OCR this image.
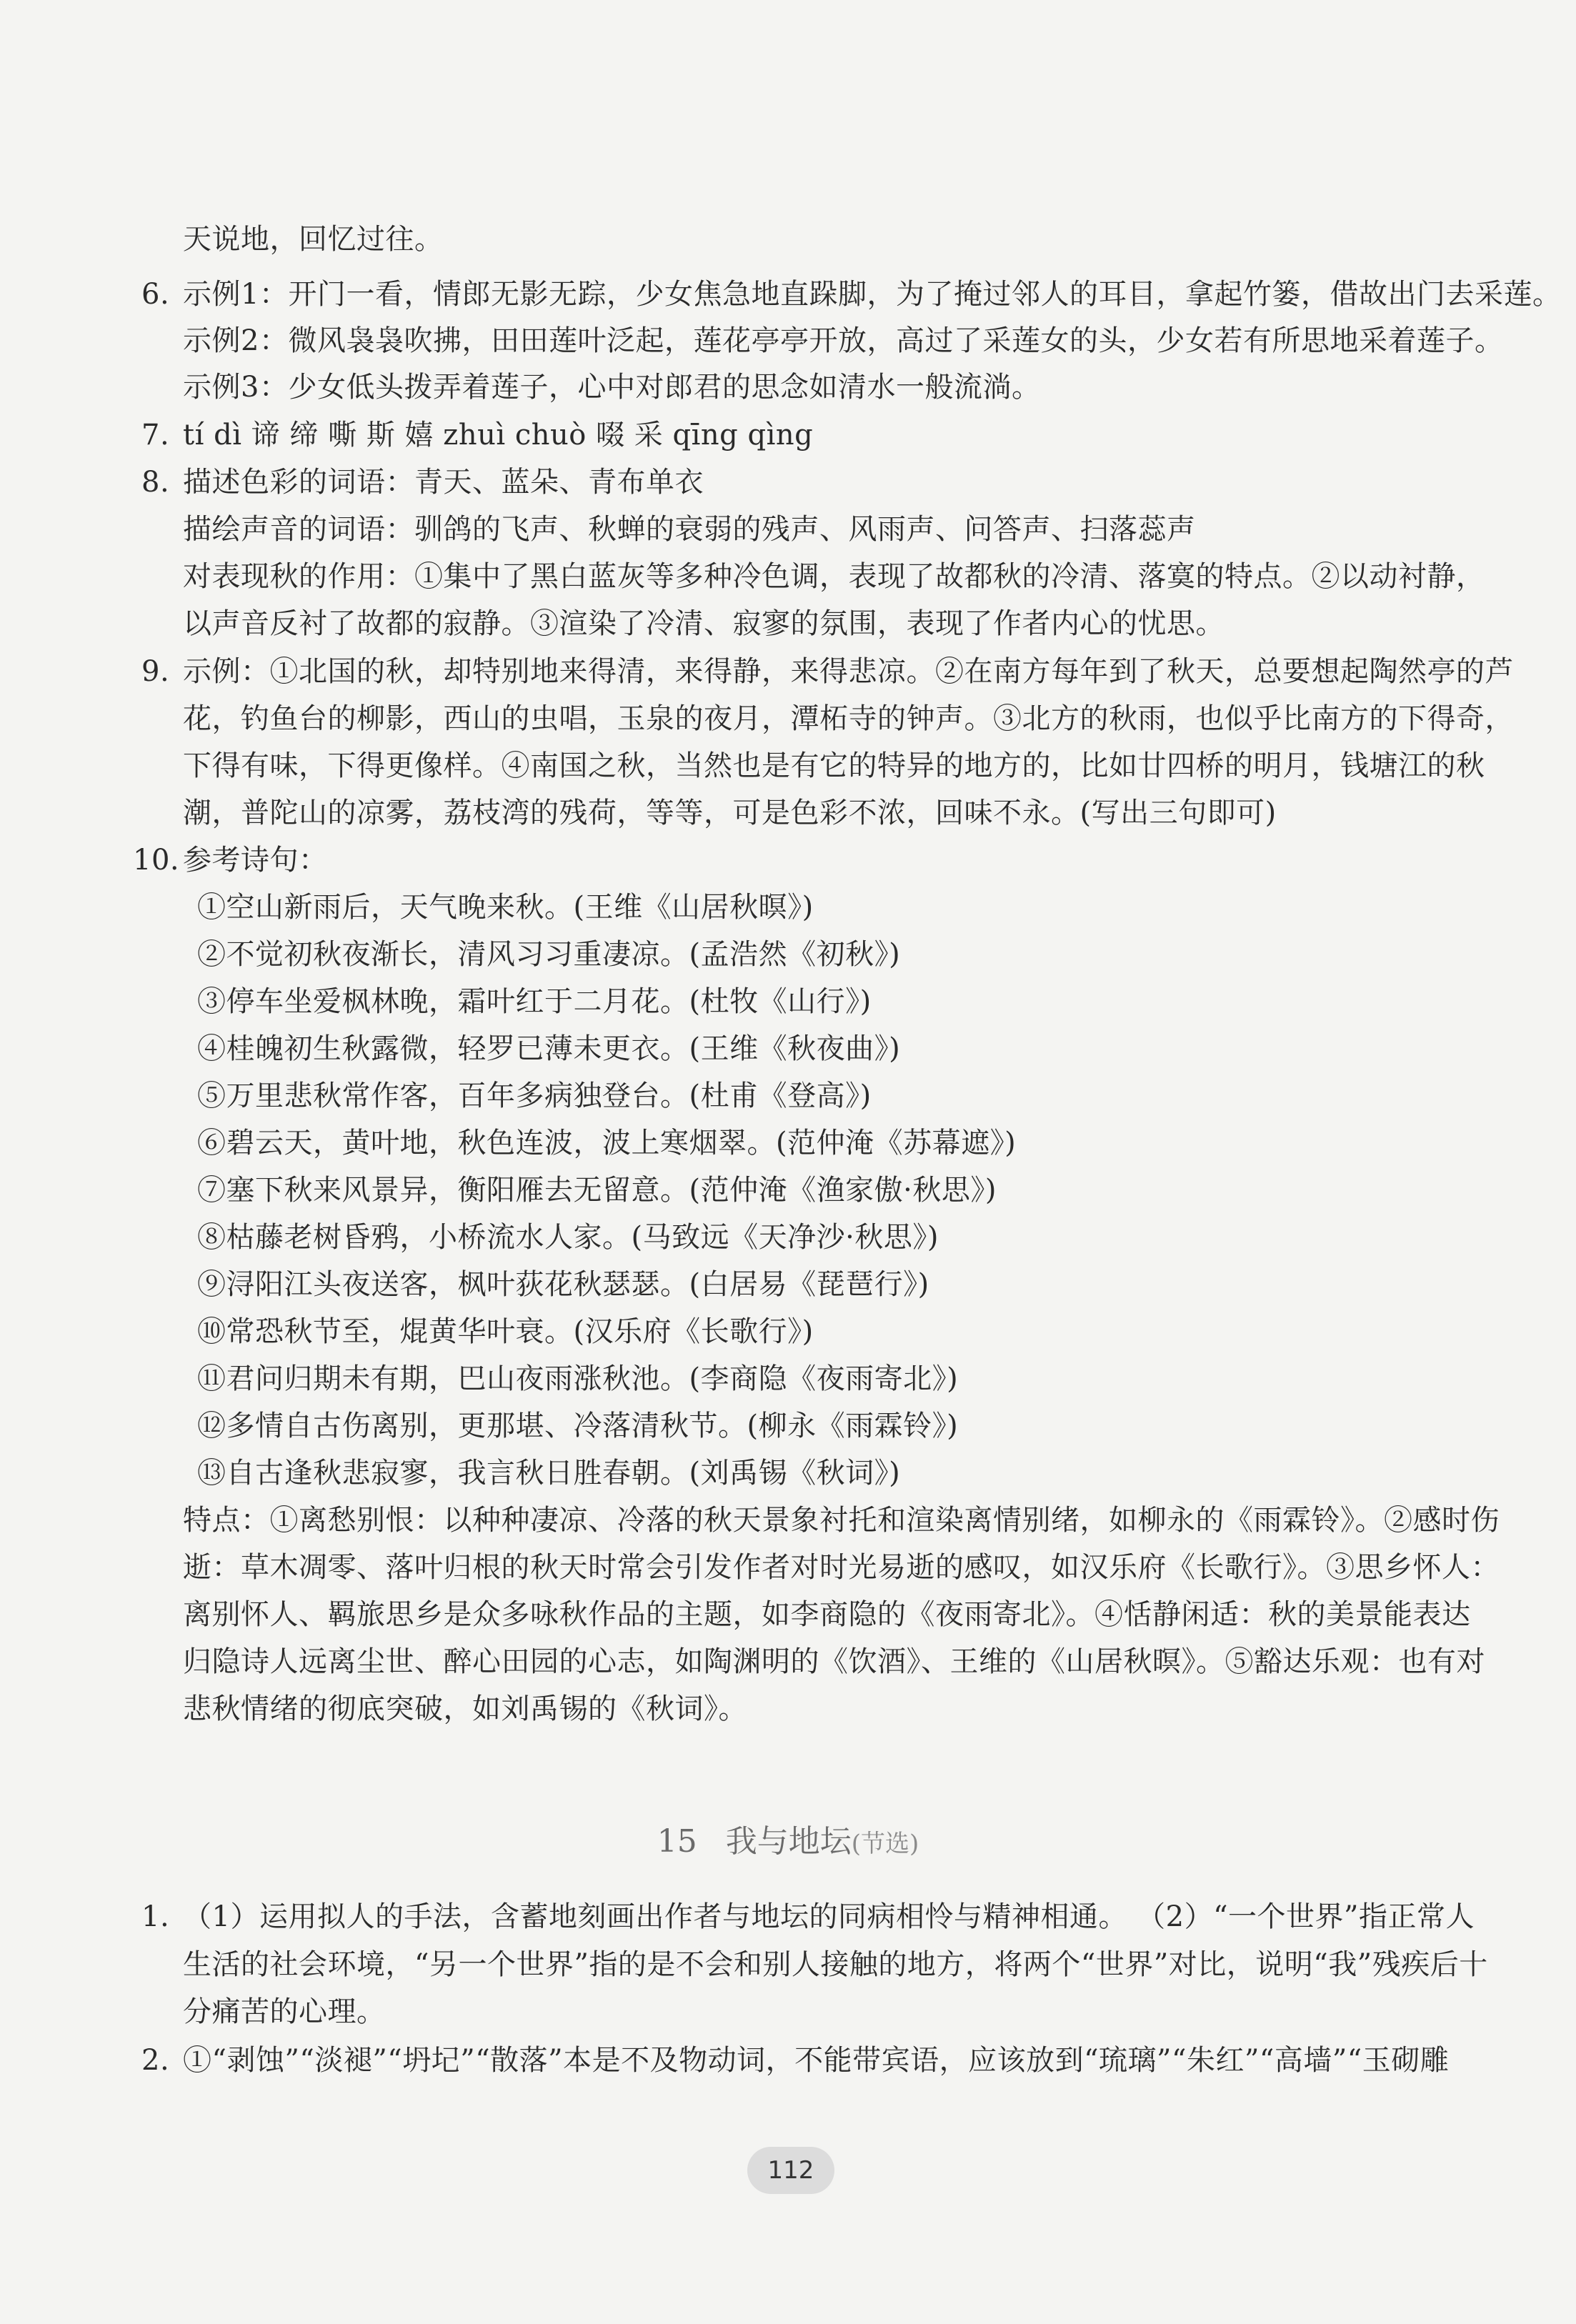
天说地，回忆过往。
6. 示例1：开门一看，情郎无影无踪，少女焦急地直跺脚，为了掩过邻人的耳目，拿起竹篓，借故出门去采莲。
示例2：微风袅袅吹拂，田田莲叶泛起，莲花亭亭开放，高过了采莲女的头，少女若有所思地采着莲子。
示例3：少女低头拨弄着莲子，心中对郎君的思念如清水一般流淌。
7. tí dì 谛 缔 嘶 斯 嬉 zhuì chuò 啜 采 qīng qìng
8. 描述色彩的词语：青天、蓝朵、青布单衣
描绘声音的词语：驯鸽的飞声、秋蝉的衰弱的残声、风雨声、问答声、扫落蕊声
对表现秋的作用：①集中了黑白蓝灰等多种冷色调，表现了故都秋的冷清、落寞的特点。②以动衬静，
以声音反衬了故都的寂静。③渲染了冷清、寂寥的氛围，表现了作者内心的忧思。
9. 示例：①北国的秋，却特别地来得清，来得静，来得悲凉。②在南方每年到了秋天，总要想起陶然亭的芦
花，钓鱼台的柳影，西山的虫唱，玉泉的夜月，潭柘寺的钟声。③北方的秋雨，也似乎比南方的下得奇，
下得有味，下得更像样。④南国之秋，当然也是有它的特异的地方的，比如廿四桥的明月，钱塘江的秋
潮，普陀山的凉雾，荔枝湾的残荷，等等，可是色彩不浓，回味不永。(写出三句即可)
10. 参考诗句：
①空山新雨后，天气晚来秋。(王维《山居秋暝》)
②不觉初秋夜渐长，清风习习重凄凉。(孟浩然《初秋》)
③停车坐爱枫林晚，霜叶红于二月花。(杜牧《山行》)
④桂魄初生秋露微，轻罗已薄未更衣。(王维《秋夜曲》)
⑤万里悲秋常作客，百年多病独登台。(杜甫《登高》)
⑥碧云天，黄叶地，秋色连波，波上寒烟翠。(范仲淹《苏幕遮》)
⑦塞下秋来风景异，衡阳雁去无留意。(范仲淹《渔家傲·秋思》)
⑧枯藤老树昏鸦，小桥流水人家。(马致远《天净沙·秋思》)
⑨浔阳江头夜送客，枫叶荻花秋瑟瑟。(白居易《琵琶行》)
⑩常恐秋节至，焜黄华叶衰。(汉乐府《长歌行》)
⑪君问归期未有期，巴山夜雨涨秋池。(李商隐《夜雨寄北》)
⑫多情自古伤离别，更那堪、冷落清秋节。(柳永《雨霖铃》)
⑬自古逢秋悲寂寥，我言秋日胜春朝。(刘禹锡《秋词》)
特点：①离愁别恨：以种种凄凉、冷落的秋天景象衬托和渲染离情别绪，如柳永的《雨霖铃》。②感时伤
逝：草木凋零、落叶归根的秋天时常会引发作者对时光易逝的感叹，如汉乐府《长歌行》。③思乡怀人：
离别怀人、羁旅思乡是众多咏秋作品的主题，如李商隐的《夜雨寄北》。④恬静闲适：秋的美景能表达
归隐诗人远离尘世、醉心田园的心志，如陶渊明的《饮酒》、王维的《山居秋暝》。⑤豁达乐观：也有对
悲秋情绪的彻底突破，如刘禹锡的《秋词》。
1. （1）运用拟人的手法，含蓄地刻画出作者与地坛的同病相怜与精神相通。 （2）“一个世界”指正常人
生活的社会环境，“另一个世界”指的是不会和别人接触的地方，将两个“世界”对比，说明“我”残疾后十
分痛苦的心理。
2. ①“剥蚀”“淡褪”“坍圮”“散落”本是不及物动词，不能带宾语，应该放到“琉璃”“朱红”“高墙”“玉砌雕
15 我与地坛(节选)
112
